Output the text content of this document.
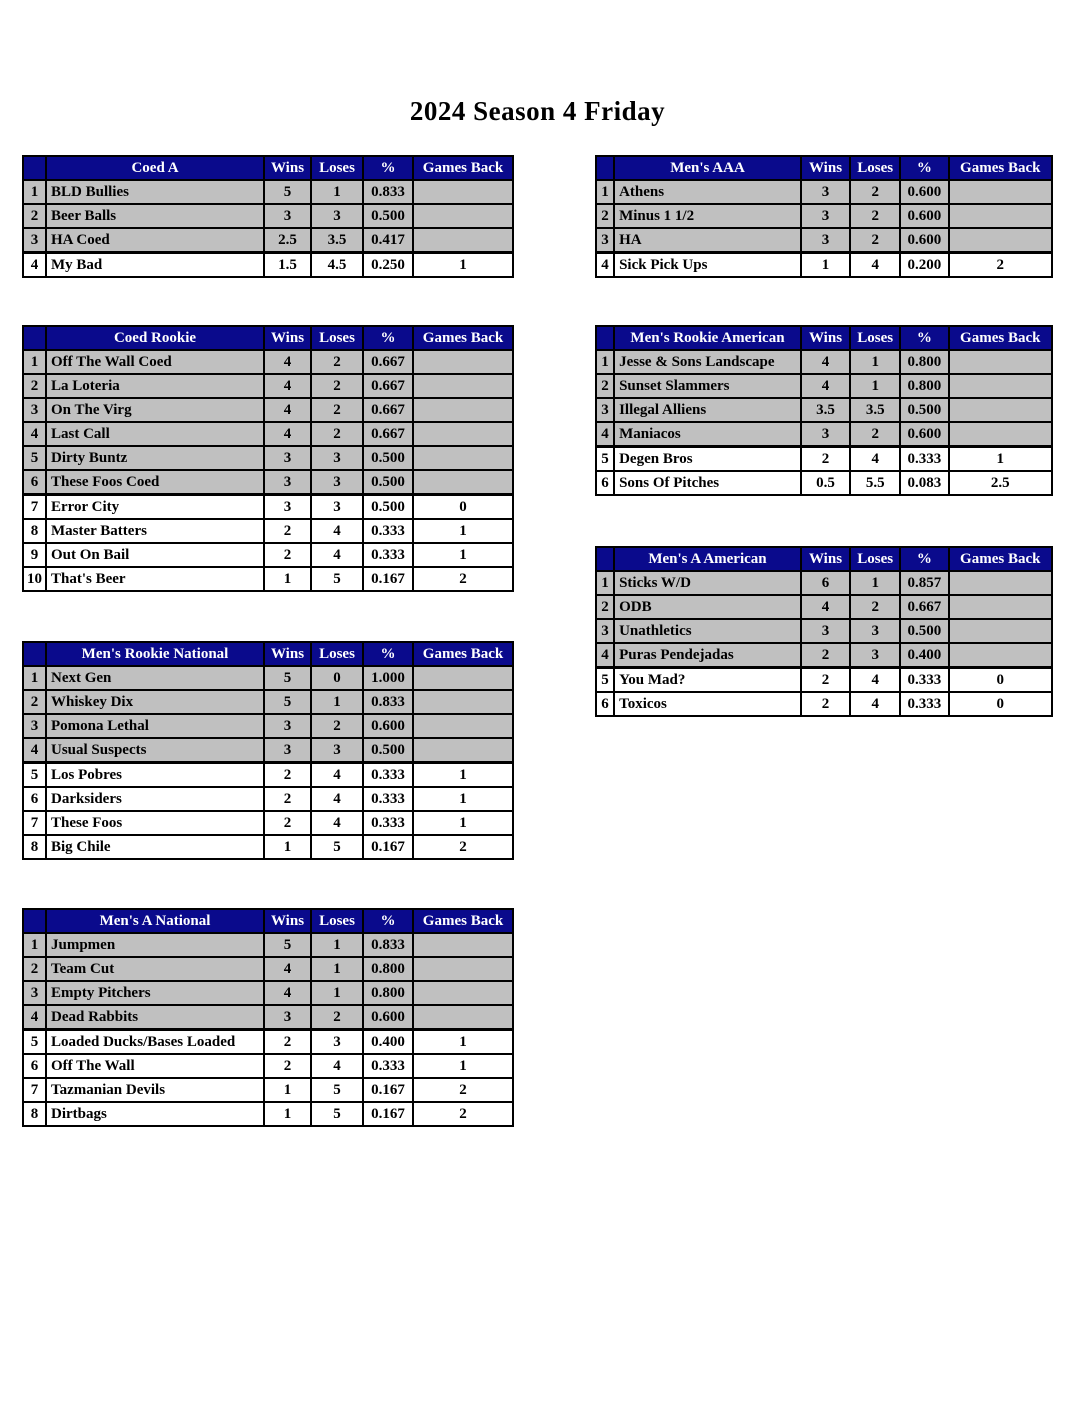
2024 Season 4 Friday
	Coed A	Wins	Loses	%	Games Back
1	BLD Bullies	5	1	0.833	
2	Beer Balls	3	3	0.500	
3	HA Coed	2.5	3.5	0.417	
4	My Bad	1.5	4.5	0.250	1
	Men's AAA	Wins	Loses	%	Games Back
1	Athens	3	2	0.600	
2	Minus 1 1/2	3	2	0.600	
3	HA	3	2	0.600	
4	Sick Pick Ups	1	4	0.200	2
	Coed Rookie	Wins	Loses	%	Games Back
1	Off The Wall Coed	4	2	0.667	
2	La Loteria	4	2	0.667	
3	On The Virg	4	2	0.667	
4	Last Call	4	2	0.667	
5	Dirty Buntz	3	3	0.500	
6	These Foos Coed	3	3	0.500	
7	Error City	3	3	0.500	0
8	Master Batters	2	4	0.333	1
9	Out On Bail	2	4	0.333	1
10	That's Beer	1	5	0.167	2
	Men's Rookie American	Wins	Loses	%	Games Back
1	Jesse & Sons Landscape	4	1	0.800	
2	Sunset Slammers	4	1	0.800	
3	Illegal Alliens	3.5	3.5	0.500	
4	Maniacos	3	2	0.600	
5	Degen Bros	2	4	0.333	1
6	Sons Of Pitches	0.5	5.5	0.083	2.5
	Men's A American	Wins	Loses	%	Games Back
1	Sticks W/D	6	1	0.857	
2	ODB	4	2	0.667	
3	Unathletics	3	3	0.500	
4	Puras Pendejadas	2	3	0.400	
5	You Mad?	2	4	0.333	0
6	Toxicos	2	4	0.333	0
	Men's Rookie National	Wins	Loses	%	Games Back
1	Next Gen	5	0	1.000	
2	Whiskey Dix	5	1	0.833	
3	Pomona Lethal	3	2	0.600	
4	Usual Suspects	3	3	0.500	
5	Los Pobres	2	4	0.333	1
6	Darksiders	2	4	0.333	1
7	These Foos	2	4	0.333	1
8	Big Chile	1	5	0.167	2
	Men's A National	Wins	Loses	%	Games Back
1	Jumpmen	5	1	0.833	
2	Team Cut	4	1	0.800	
3	Empty Pitchers	4	1	0.800	
4	Dead Rabbits	3	2	0.600	
5	Loaded Ducks/Bases Loaded	2	3	0.400	1
6	Off The Wall	2	4	0.333	1
7	Tazmanian Devils	1	5	0.167	2
8	Dirtbags	1	5	0.167	2
